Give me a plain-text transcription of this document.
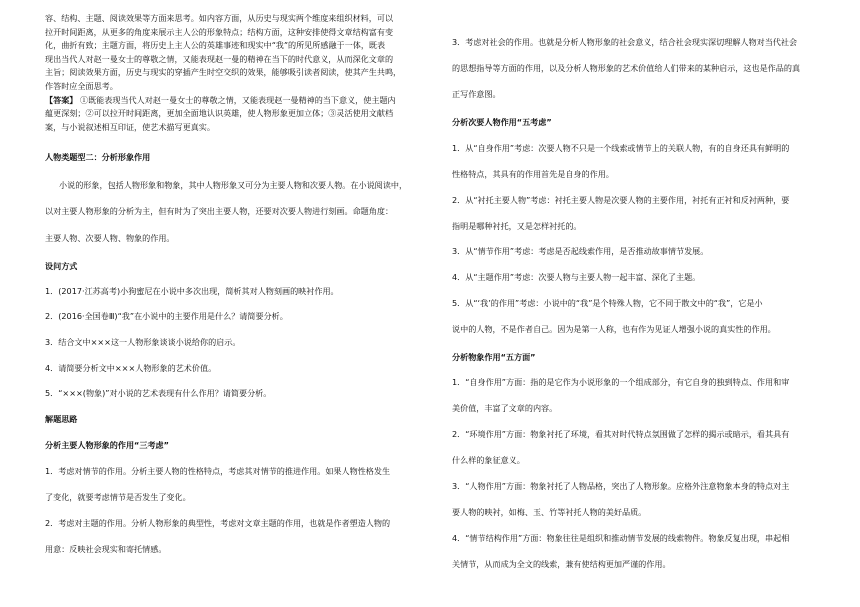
容、结构、主题、阅读效果等方面来思考。如内容方面，从历史与现实两个维度来组织材料，可以
拉开时间距离，从更多的角度来展示主人公的形象特点；结构方面，这种安排使得文章结构富有变
化，曲折有致；主题方面，将历史上主人公的英雄事迹和现实中“我”的所见所感融于一体，既表
现出当代人对赵一曼女士的尊敬之情，又能表现赵一曼的精神在当下的时代意义，从而深化文章的
主旨；阅读效果方面，历史与现实的穿插产生时空交织的效果，能够吸引读者阅读，使其产生共鸣，
作答时应全面思考。
【答案】 ①既能表现当代人对赵一曼女士的尊敬之情，又能表现赵一曼精神的当下意义，使主题内
蕴更深刻；②可以拉开时间距离，更加全面地认识英雄，使人物形象更加立体；③灵活使用文献档
案，与小说叙述相互印证，使艺术描写更真实。
人物类题型二：分析形象作用
小说的形象，包括人物形象和物象，其中人物形象又可分为主要人物和次要人物。在小说阅读中，
以对主要人物形象的分析为主，但有时为了突出主要人物，还要对次要人物进行刻画。命题角度：
主要人物、次要人物、物象的作用。
设问方式
1．(2017·江苏高考)小狗蜜尼在小说中多次出现，简析其对人物刻画的映衬作用。
2．(2016·全国卷Ⅲ)“我”在小说中的主要作用是什么？请简要分析。
3．结合文中×××这一人物形象谈谈小说给你的启示。
4．请简要分析文中×××人物形象的艺术价值。
5．“×××(物象)”对小说的艺术表现有什么作用？请简要分析。
解题思路
分析主要人物形象的作用“三考虑”
1．考虑对情节的作用。分析主要人物的性格特点，考虑其对情节的推进作用。如果人物性格发生
了变化，就要考虑情节是否发生了变化。
2．考虑对主题的作用。分析人物形象的典型性，考虑对文章主题的作用，也就是作者塑造人物的
用意：反映社会现实和寄托情感。
3．考虑对社会的作用。也就是分析人物形象的社会意义，结合社会现实深切理解人物对当代社会
的思想指导等方面的作用，以及分析人物形象的艺术价值给人们带来的某种启示，这也是作品的真
正写作意图。
分析次要人物作用“五考虑”
1．从“自身作用”考虑：次要人物不只是一个线索或情节上的关联人物，有的自身还具有鲜明的
性格特点，其具有的作用首先是自身的作用。
2．从“衬托主要人物”考虑：衬托主要人物是次要人物的主要作用，衬托有正衬和反衬两种，要
指明是哪种衬托，又是怎样衬托的。
3．从“情节作用”考虑：考虑是否起线索作用，是否推动故事情节发展。
4．从“主题作用”考虑：次要人物与主要人物一起丰富、深化了主题。
5．从“‘我’的作用”考虑：小说中的“我”是个特殊人物，它不同于散文中的“我”，它是小
说中的人物，不是作者自己。因为是第一人称，也有作为见证人增强小说的真实性的作用。
分析物象作用“五方面”
1．“自身作用”方面：指的是它作为小说形象的一个组成部分，有它自身的独到特点、作用和审
美价值，丰富了文章的内容。
2．“环境作用”方面：物象衬托了环境，看其对时代特点氛围做了怎样的揭示或暗示，看其具有
什么样的象征意义。
3．“人物作用”方面：物象衬托了人物品格，突出了人物形象。应格外注意物象本身的特点对主
要人物的映衬，如梅、玉、竹等衬托人物的美好品质。
4．“情节结构作用”方面：物象往往是组织和推动情节发展的线索物件。物象反复出现，串起相
关情节，从而成为全文的线索，兼有使结构更加严谨的作用。
